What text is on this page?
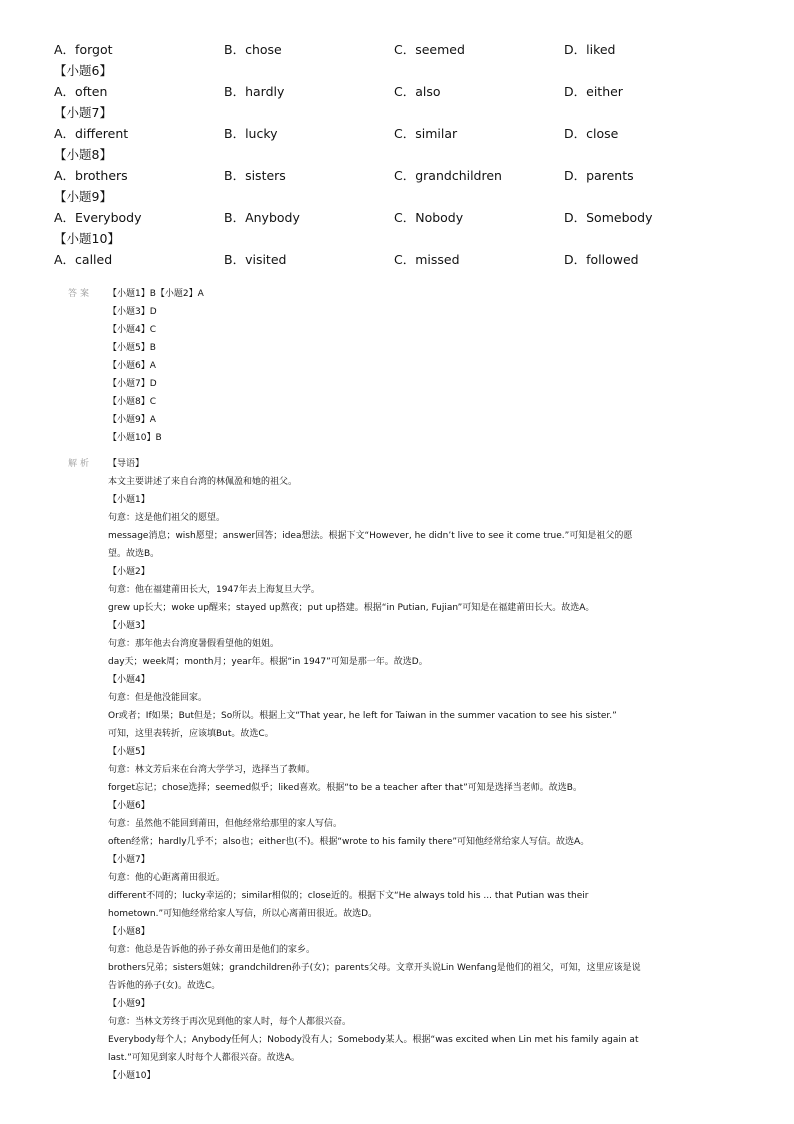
A．forgot	B．chose	C．seemed	D．liked
【小题6】
A．often	B．hardly	C．also	D．either
【小题7】
A．different	B．lucky	C．similar	D．close
【小题8】
A．brothers	B．sisters	C．grandchildren	D．parents
【小题9】
A．Everybody	B．Anybody	C．Nobody	D．Somebody
【小题10】
A．called	B．visited	C．missed	D．followed
答案 【小题1】B【小题2】A
【小题3】D
【小题4】C
【小题5】B
【小题6】A
【小题7】D
【小题8】C
【小题9】A
【小题10】B
解析 【导语】
本文主要讲述了来自台湾的林佩盈和她的祖父。
【小题1】
句意：这是他们祖父的愿望。
message消息；wish愿望；answer回答；idea想法。根据下文“However, he didn’t live to see it come true.”可知是祖父的愿
望。故选B。
【小题2】
句意：他在福建莆田长大，1947年去上海复旦大学。
grew up长大；woke up醒来；stayed up熬夜；put up搭建。根据“in Putian, Fujian”可知是在福建莆田长大。故选A。
【小题3】
句意：那年他去台湾度暑假看望他的姐姐。
day天；week周；month月；year年。根据“in 1947”可知是那一年。故选D。
【小题4】
句意：但是他没能回家。
Or或者；If如果；But但是；So所以。根据上文“That year, he left for Taiwan in the summer vacation to see his sister.”
可知，这里表转折，应该填But。故选C。
【小题5】
句意：林文芳后来在台湾大学学习，选择当了教师。
forget忘记；chose选择；seemed似乎；liked喜欢。根据“to be a teacher after that”可知是选择当老师。故选B。
【小题6】
句意：虽然他不能回到莆田，但他经常给那里的家人写信。
often经常；hardly几乎不；also也；either也(不)。根据“wrote to his family there”可知他经常给家人写信。故选A。
【小题7】
句意：他的心距离莆田很近。
different不同的；lucky幸运的；similar相似的；close近的。根据下文“He always told his ... that Putian was their
hometown.”可知他经常给家人写信，所以心离莆田很近。故选D。
【小题8】
句意：他总是告诉他的孙子孙女莆田是他们的家乡。
brothers兄弟；sisters姐妹；grandchildren孙子(女)；parents父母。文章开头说Lin Wenfang是他们的祖父，可知，这里应该是说
告诉他的孙子(女)。故选C。
【小题9】
句意：当林文芳终于再次见到他的家人时，每个人都很兴奋。
Everybody每个人；Anybody任何人；Nobody没有人；Somebody某人。根据“was excited when Lin met his family again at
last.”可知见到家人时每个人都很兴奋。故选A。
【小题10】
